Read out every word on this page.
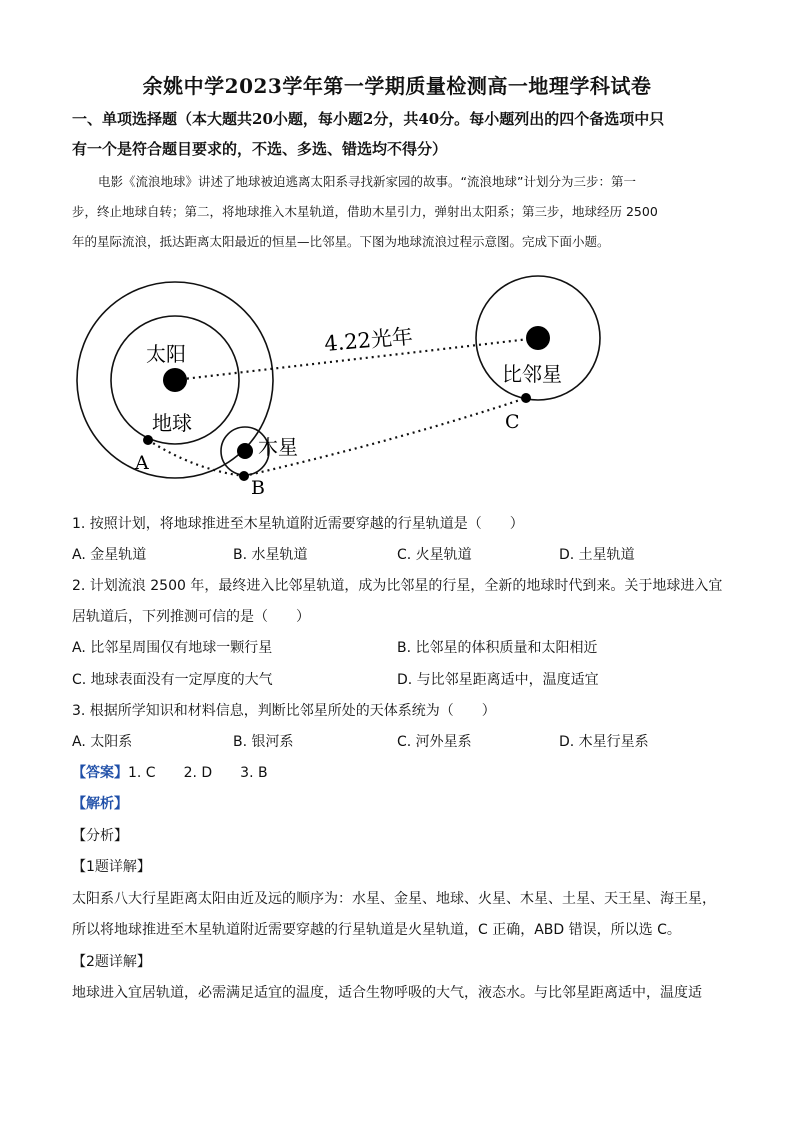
余姚中学2023学年第一学期质量检测高一地理学科试卷
一、单项选择题（本大题共20小题，每小题2分，共40分。每小题列出的四个备选项中只
有一个是符合题目要求的，不选、多选、错选均不得分）
电影《流浪地球》讲述了地球被迫逃离太阳系寻找新家园的故事。“流浪地球”计划分为三步：第一
步，终止地球自转；第二，将地球推入木星轨道，借助木星引力，弹射出太阳系；第三步，地球经历 2500
年的星际流浪，抵达距离太阳最近的恒星—比邻星。下图为地球流浪过程示意图。完成下面小题。
太阳
地球
木星
比邻星
4.22光年
A
B
C
1. 按照计划，将地球推进至木星轨道附近需要穿越的行星轨道是（　　）
A. 金星轨道	B. 水星轨道	C. 火星轨道	D. 土星轨道
2. 计划流浪 2500 年，最终进入比邻星轨道，成为比邻星的行星，全新的地球时代到来。关于地球进入宜
居轨道后，下列推测可信的是（　　）
A. 比邻星周围仅有地球一颗行星	B. 比邻星的体积质量和太阳相近
C. 地球表面没有一定厚度的大气	D. 与比邻星距离适中，温度适宜
3. 根据所学知识和材料信息，判断比邻星所处的天体系统为（　　）
A. 太阳系	B. 银河系	C. 河外星系	D. 木星行星系
【答案】1. C　　2. D　　3. B
【解析】
【分析】
【1题详解】
太阳系八大行星距离太阳由近及远的顺序为：水星、金星、地球、火星、木星、土星、天王星、海王星，
所以将地球推进至木星轨道附近需要穿越的行星轨道是火星轨道，C 正确，ABD 错误，所以选 C。
【2题详解】
地球进入宜居轨道，必需满足适宜的温度，适合生物呼吸的大气，液态水。与比邻星距离适中，温度适
